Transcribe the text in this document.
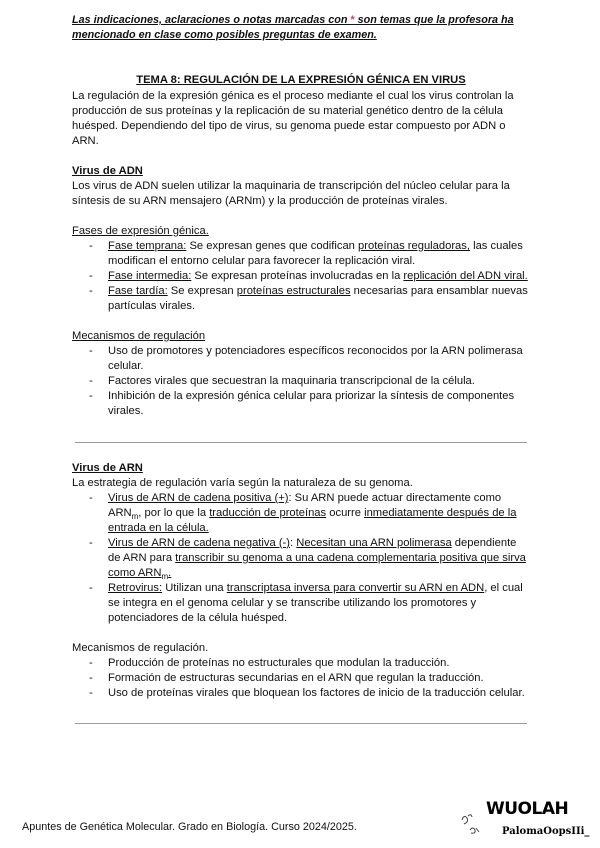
Las indicaciones, aclaraciones o notas marcadas con * son temas que la profesora ha mencionado en clase como posibles preguntas de examen.

TEMA 8: REGULACIÓN DE LA EXPRESIÓN GÉNICA EN VIRUS

La regulación de la expresión génica es el proceso mediante el cual los virus controlan la producción de sus proteínas y la replicación de su material genético dentro de la célula huésped. Dependiendo del tipo de virus, su genoma puede estar compuesto por ADN o ARN.

Virus de ADN

Los virus de ADN suelen utilizar la maquinaria de transcripción del núcleo celular para la síntesis de su ARN mensajero (ARNm) y la producción de proteínas virales.

Fases de expresión génica.

- Fase temprana: Se expresan genes que codifican proteínas reguladoras, las cuales modifican el entorno celular para favorecer la replicación viral.
- Fase intermedia: Se expresan proteínas involucradas en la replicación del ADN viral.
- Fase tardía: Se expresan proteínas estructurales necesarias para ensamblar nuevas partículas virales.

Mecanismos de regulación

- Uso de promotores y potenciadores específicos reconocidos por la ARN polimerasa celular.
- Factores virales que secuestran la maquinaria transcripcional de la célula.
- Inhibición de la expresión génica celular para priorizar la síntesis de componentes virales.

Virus de ARN

La estrategia de regulación varía según la naturaleza de su genoma.

- Virus de ARN de cadena positiva (+): Su ARN puede actuar directamente como $ARN_m$, por lo que la traducción de proteínas ocurre inmediatamente después de la entrada en la célula.
- Virus de ARN de cadena negativa (-): Necesitan una ARN polimerasa dependiente de ARN para transcribir su genoma a una cadena complementaria positiva que sirva como $ARN_m$.
- Retrovirus: Utilizan una transcriptasa inversa para convertir su ARN en ADN, el cual se integra en el genoma celular y se transcribe utilizando los promotores y potenciadores de la célula huésped.

Mecanismos de regulación.

- Producción de proteínas no estructurales que modulan la traducción.
- Formación de estructuras secundarias en el ARN que regulan la traducción.
- Uso de proteínas virales que bloquean los factores de inicio de la traducción celular.
Apuntes de Genética Molecular. Grado en Biología. Curso 2024/2025.
WUOLAH
PalomaOopsIIi_
